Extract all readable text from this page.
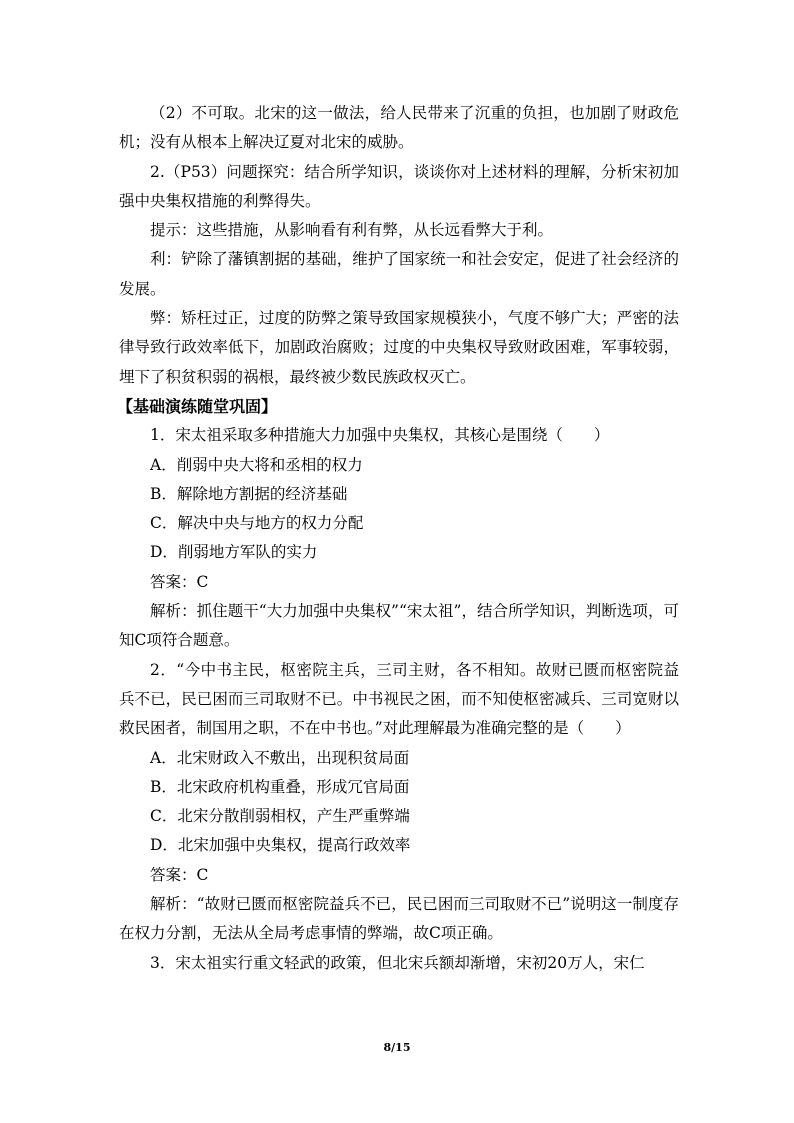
（2）不可取。北宋的这一做法，给人民带来了沉重的负担，也加剧了财政危机；没有从根本上解决辽夏对北宋的威胁。

2.（P53）问题探究：结合所学知识，谈谈你对上述材料的理解，分析宋初加强中央集权措施的利弊得失。

提示：这些措施，从影响看有利有弊，从长远看弊大于利。

利：铲除了藩镇割据的基础，维护了国家统一和社会安定，促进了社会经济的发展。

弊：矫枉过正，过度的防弊之策导致国家规模狭小，气度不够广大；严密的法律导致行政效率低下，加剧政治腐败；过度的中央集权导致财政困难，军事较弱，埋下了积贫积弱的祸根，最终被少数民族政权灭亡。

【基础演练随堂巩固】

1．宋太祖采取多种措施大力加强中央集权，其核心是围绕（　　）

A．削弱中央大将和丞相的权力

B．解除地方割据的经济基础

C．解决中央与地方的权力分配

D．削弱地方军队的实力

答案：C

解析：抓住题干“大力加强中央集权”“宋太祖”，结合所学知识，判断选项，可知C项符合题意。

2．“今中书主民，枢密院主兵，三司主财，各不相知。故财已匮而枢密院益兵不已，民已困而三司取财不已。中书视民之困，而不知使枢密减兵、三司宽财以救民困者，制国用之职，不在中书也。”对此理解最为准确完整的是（　　）

A．北宋财政入不敷出，出现积贫局面

B．北宋政府机构重叠，形成冗官局面

C．北宋分散削弱相权，产生严重弊端

D．北宋加强中央集权，提高行政效率

答案：C

解析：“故财已匮而枢密院益兵不已，民已困而三司取财不已”说明这一制度存在权力分割，无法从全局考虑事情的弊端，故C项正确。

3．宋太祖实行重文轻武的政策，但北宋兵额却渐增，宋初20万人，宋仁

8/15
